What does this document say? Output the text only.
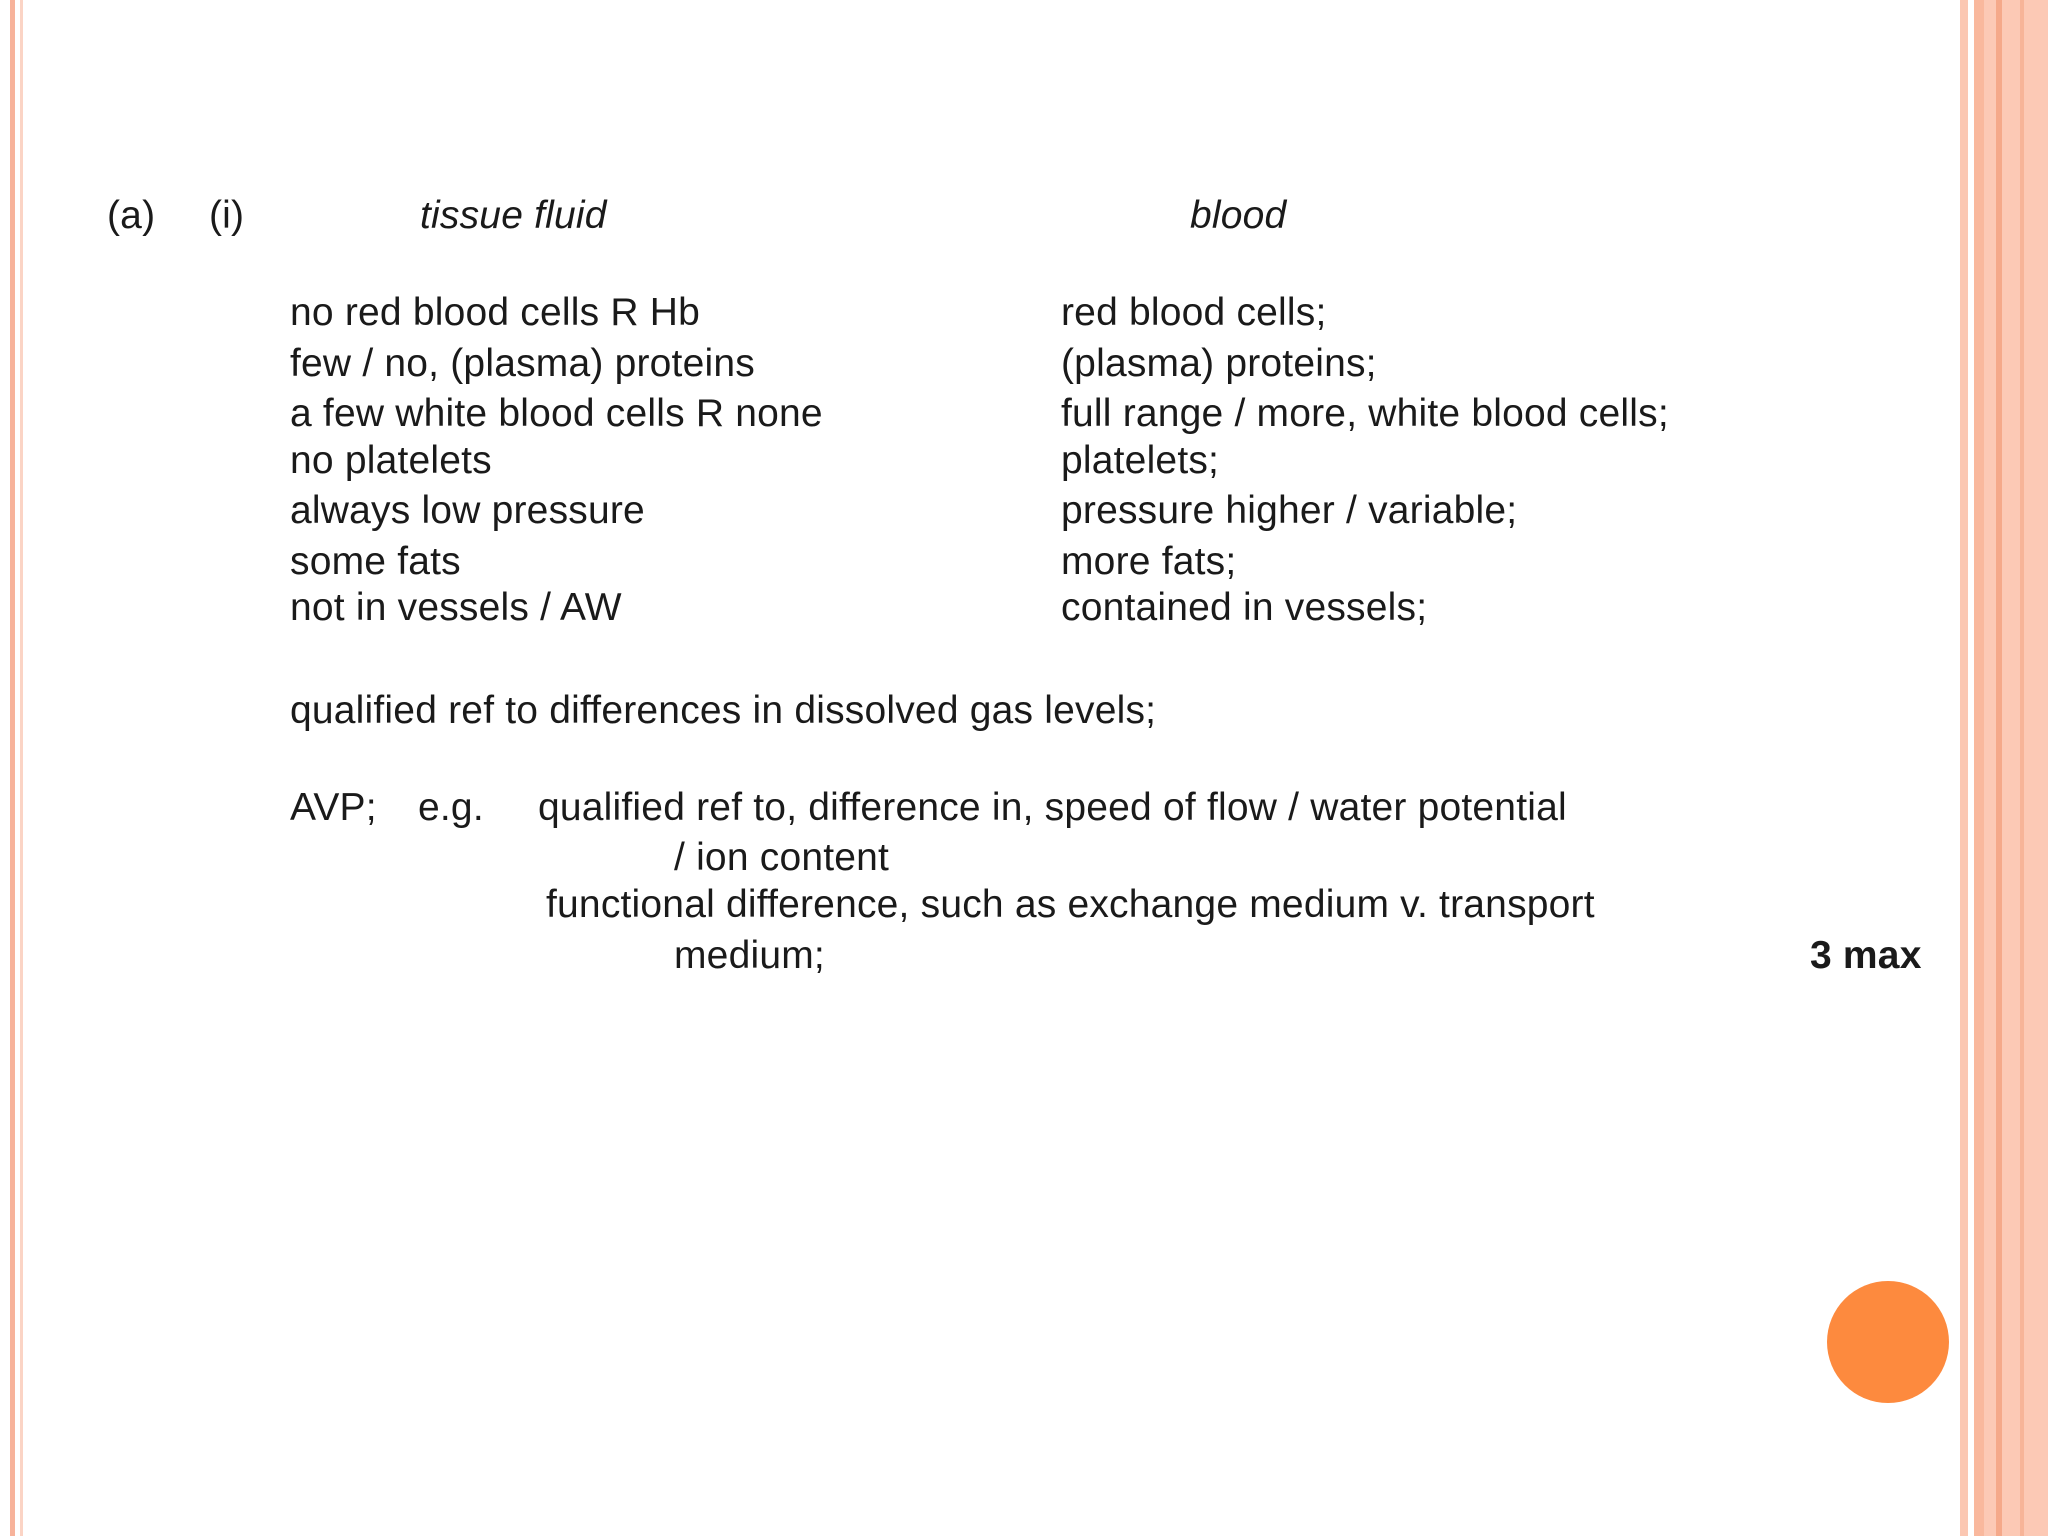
(a) (i)	tissue fluid	blood
no red blood cells R Hb	red blood cells;
few / no, (plasma) proteins	(plasma) proteins;
a few white blood cells R none	full range / more, white blood cells;
no platelets	platelets;
always low pressure	pressure higher / variable;
some fats	more fats;
not in vessels / AW	contained in vessels;
qualified ref to differences in dissolved gas levels;
AVP; e.g. qualified ref to, difference in, speed of flow / water potential
/ ion content
functional difference, such as exchange medium v. transport
medium;	3 max
